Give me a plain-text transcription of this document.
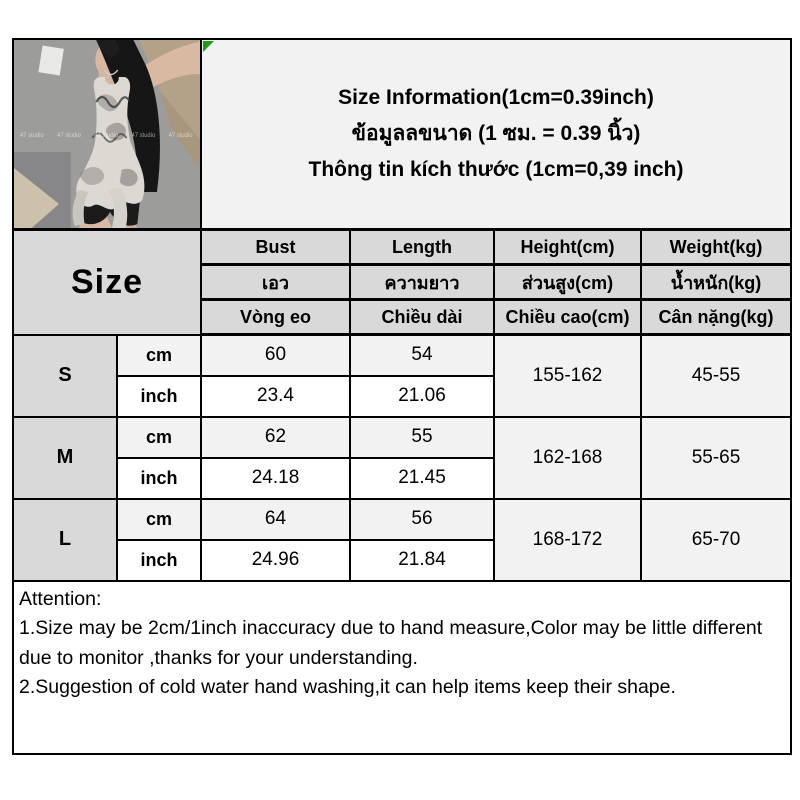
47 studio 47 studio 47 studio 47 studio 47 studio

Size Information(1cm=0.39inch)
ข้อมูลลขนาด (1 ซม. = 0.39 นิ้ว)
Thông tin kích thước (1cm=0,39 inch)

Size		Bust	Length	Height(cm)	Weight(kg)
		เอว	ความยาว	ส่วนสูง(cm)	น้ำหนัก(kg)
		Vòng eo	Chiều dài	Chiều cao(cm)	Cân nặng(kg)
S	cm	60	54	155-162	45-55
	inch	23.4	21.06		
M	cm	62	55	162-168	55-65
	inch	24.18	21.45		
L	cm	64	56	168-172	65-70
	inch	24.96	21.84		

Attention:
1.Size may be 2cm/1inch inaccuracy due to hand measure,Color may be little different due to monitor ,thanks for your understanding.
2.Suggestion of cold water hand washing,it can help items keep their shape.					
